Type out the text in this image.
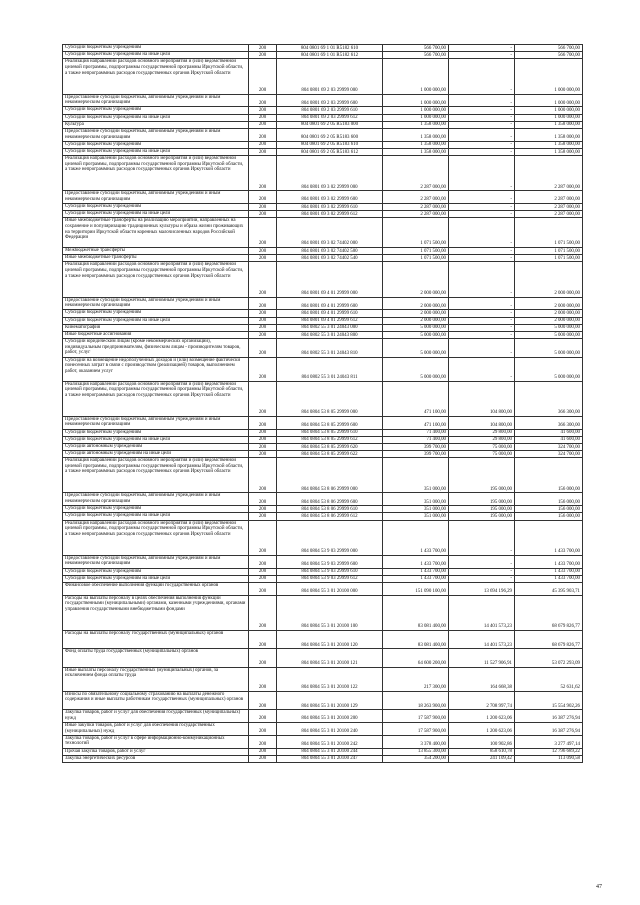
Субсидии бюджетным учреждениям	200	804 0801 69 1 01 R5182 610	566 700,00	-	566 700,00
Субсидии бюджетным учреждениям на иные цели	200	804 0801 69 1 01 R5182 612	566 700,00	-	566 700,00
Реализация направлений расходов основного мероприятия и (или) ведомственной целевой программы, подпрограммы государственной программы Иркутской области, а также непрограммных расходов государственных органов Иркутской области	200	804 0801 69 2 03 29999 000	1 000 000,00	-	1 000 000,00
Предоставление субсидий бюджетным, автономным учреждениям и иным некоммерческим организациям	200	804 0801 69 2 03 29999 600	1 000 000,00	-	1 000 000,00
Субсидии бюджетным учреждениям	200	804 0801 69 2 03 29999 610	1 000 000,00	-	1 000 000,00
Субсидии бюджетным учреждениям на иные цели	200	804 0801 69 2 03 29999 612	1 000 000,00	-	1 000 000,00
Культура	200	804 0801 69 2 05 R5183 000	1 358 000,00	-	1 358 000,00
Предоставление субсидий бюджетным, автономным учреждениям и иным некоммерческим организациям	200	804 0801 69 2 05 R5183 600	1 358 000,00	-	1 358 000,00
Субсидии бюджетным учреждениям	200	804 0801 69 2 05 R5183 610	1 358 000,00	-	1 358 000,00
Субсидии бюджетным учреждениям на иные цели	200	804 0801 69 2 05 R5183 612	1 358 000,00	-	1 358 000,00
Реализация направлений расходов основного мероприятия и (или) ведомственной целевой программы, подпрограммы государственной программы Иркутской области, а также непрограммных расходов государственных органов Иркутской области	200	804 0801 69 3 02 29999 000	2 287 000,00	-	2 287 000,00
Предоставление субсидий бюджетным, автономным учреждениям и иным некоммерческим организациям	200	804 0801 69 3 02 29999 600	2 287 000,00	-	2 287 000,00
Субсидии бюджетным учреждениям	200	804 0801 69 3 02 29999 610	2 287 000,00	-	2 287 000,00
Субсидии бюджетным учреждениям на иные цели	200	804 0801 69 3 02 29999 612	2 287 000,00	-	2 287 000,00
Иные межбюджетные трансферты на реализацию мероприятий, направленных на сохранение и популяризацию традиционных культуры и образа жизни проживающих на территории Иркутской области коренных малочисленных народов Российской Федерации	200	804 0801 69 3 02 74402 000	1 071 500,00	-	1 071 500,00
Межбюджетные трансферты	200	804 0801 69 3 02 74402 500	1 071 500,00	-	1 071 500,00
Иные межбюджетные трансферты	200	804 0801 69 3 02 74402 540	1 071 500,00	-	1 071 500,00
Реализация направлений расходов основного мероприятия и (или) ведомственной целевой программы, подпрограммы государственной программы Иркутской области, а также непрограммных расходов государственных органов Иркутской области	200	804 0801 69 4 01 29999 000	2 000 000,00	-	2 000 000,00
Предоставление субсидий бюджетным, автономным учреждениям и иным некоммерческим организациям	200	804 0801 69 4 01 29999 600	2 000 000,00	-	2 000 000,00
Субсидии бюджетным учреждениям	200	804 0801 69 4 01 29999 610	2 000 000,00	-	2 000 000,00
Субсидии бюджетным учреждениям на иные цели	200	804 0801 69 4 01 29999 612	2 000 000,00	-	2 000 000,00
Кинематография	200	804 0802 55 3 01 24043 000	5 000 000,00	-	5 000 000,00
Иные бюджетные ассигнования	200	804 0802 55 3 01 24043 800	5 000 000,00	-	5 000 000,00
Субсидии юридическим лицам (кроме некоммерческих организаций), индивидуальным предпринимателям, физическим лицам - производителям товаров, работ, услуг	200	804 0802 55 3 01 24043 810	5 000 000,00	-	5 000 000,00
Субсидии на возмещение недополученных доходов и (или) возмещение фактически понесенных затрат в связи с производством (реализацией) товаров, выполнением работ, оказанием услуг	200	804 0802 55 3 01 24043 811	5 000 000,00	-	5 000 000,00
Реализация направлений расходов основного мероприятия и (или) ведомственной целевой программы, подпрограммы государственной программы Иркутской области, а также непрограммных расходов государственных органов Иркутской области	200	804 0804 53 8 05 29999 000	471 100,00	104 800,00	366 300,00
Предоставление субсидий бюджетным, автономным учреждениям и иным некоммерческим организациям	200	804 0804 53 8 05 29999 600	471 100,00	104 800,00	366 300,00
Субсидии бюджетным учреждениям	200	804 0804 53 8 05 29999 610	71 400,00	29 800,00	41 600,00
Субсидии бюджетным учреждениям на иные цели	200	804 0804 53 8 05 29999 612	71 400,00	29 800,00	41 600,00
Субсидии автономным учреждениям	200	804 0804 53 8 05 29999 620	399 700,00	75 000,00	324 700,00
Субсидии автономным учреждениям на иные цели	200	804 0804 53 8 05 29999 622	399 700,00	75 000,00	324 700,00
Реализация направлений расходов основного мероприятия и (или) ведомственной целевой программы, подпрограммы государственной программы Иркутской области, а также непрограммных расходов государственных органов Иркутской области	200	804 0804 53 8 06 29999 000	351 000,00	195 000,00	156 000,00
Предоставление субсидий бюджетным, автономным учреждениям и иным некоммерческим организациям	200	804 0804 53 8 06 29999 600	351 000,00	195 000,00	156 000,00
Субсидии бюджетным учреждениям	200	804 0804 53 8 06 29999 610	351 000,00	195 000,00	156 000,00
Субсидии бюджетным учреждениям на иные цели	200	804 0804 53 8 06 29999 612	351 000,00	195 000,00	156 000,00
Реализация направлений расходов основного мероприятия и (или) ведомственной целевой программы, подпрограммы государственной программы Иркутской области, а также непрограммных расходов государственных органов Иркутской области	200	804 0804 53 9 03 29999 000	1 433 700,00	-	1 433 700,00
Предоставление субсидий бюджетным, автономным учреждениям и иным некоммерческим организациям	200	804 0804 53 9 03 29999 600	1 433 700,00	-	1 433 700,00
Субсидии бюджетным учреждениям	200	804 0804 53 9 03 29999 610	1 433 700,00	-	1 433 700,00
Субсидии бюджетным учреждениям на иные цели	200	804 0804 53 9 03 29999 612	1 433 700,00	-	1 433 700,00
Финансовое обеспечение выполнения функций государственных органов	200	804 0804 55 3 01 20100 000	151 090 100,00	13 694 196,29	45 395 903,71
Расходы на выплаты персоналу в целях обеспечения выполнения функций государственными (муниципальными) органами, казенными учреждениями, органами управления государственными внебюджетными фондами	200	804 0804 55 3 01 20100 100	83 081 400,00	14 401 573,23	68 679 826,77
Расходы на выплаты персоналу государственных (муниципальных) органов	200	804 0804 55 3 01 20100 120	83 081 400,00	14 401 573,23	68 679 826,77
Фонд оплаты труда государственных (муниципальных) органов	200	804 0804 55 3 01 20100 121	64 600 200,00	11 527 906,91	53 072 293,09
Иные выплаты персоналу государственных (муниципальных) органов, за исключением фонда оплаты труда	200	804 0804 55 3 01 20100 122	217 300,00	164 668,38	52 631,62
Взносы по обязательному социальному страхованию на выплаты денежного содержания и иные выплаты работникам государственных (муниципальных) органов	200	804 0804 55 3 01 20100 129	18 263 900,00	2 708 997,74	15 554 902,26
Закупка товаров, работ и услуг для обеспечения государственных (муниципальных) нужд	200	804 0804 55 3 01 20100 200	17 587 900,00	1 200 623,06	16 387 276,94
Иные закупки товаров, работ и услуг для обеспечения государственных (муниципальных) нужд	200	804 0804 55 3 01 20100 240	17 587 900,00	1 200 623,06	16 387 276,94
Закупка товаров, работ и услуг в сфере информационно-коммуникационных технологий	200	804 0804 55 3 01 20100 242	3 378 400,00	100 902,86	3 277 497,14
Прочая закупка товаров, работ и услуг	200	804 0804 55 3 01 20100 244	13 855 300,00	858 610,78	12 796 689,22
Закупка энергетических ресурсов	200	804 0804 55 3 01 20100 247	354 200,00	241 109,42	113 090,58
47
